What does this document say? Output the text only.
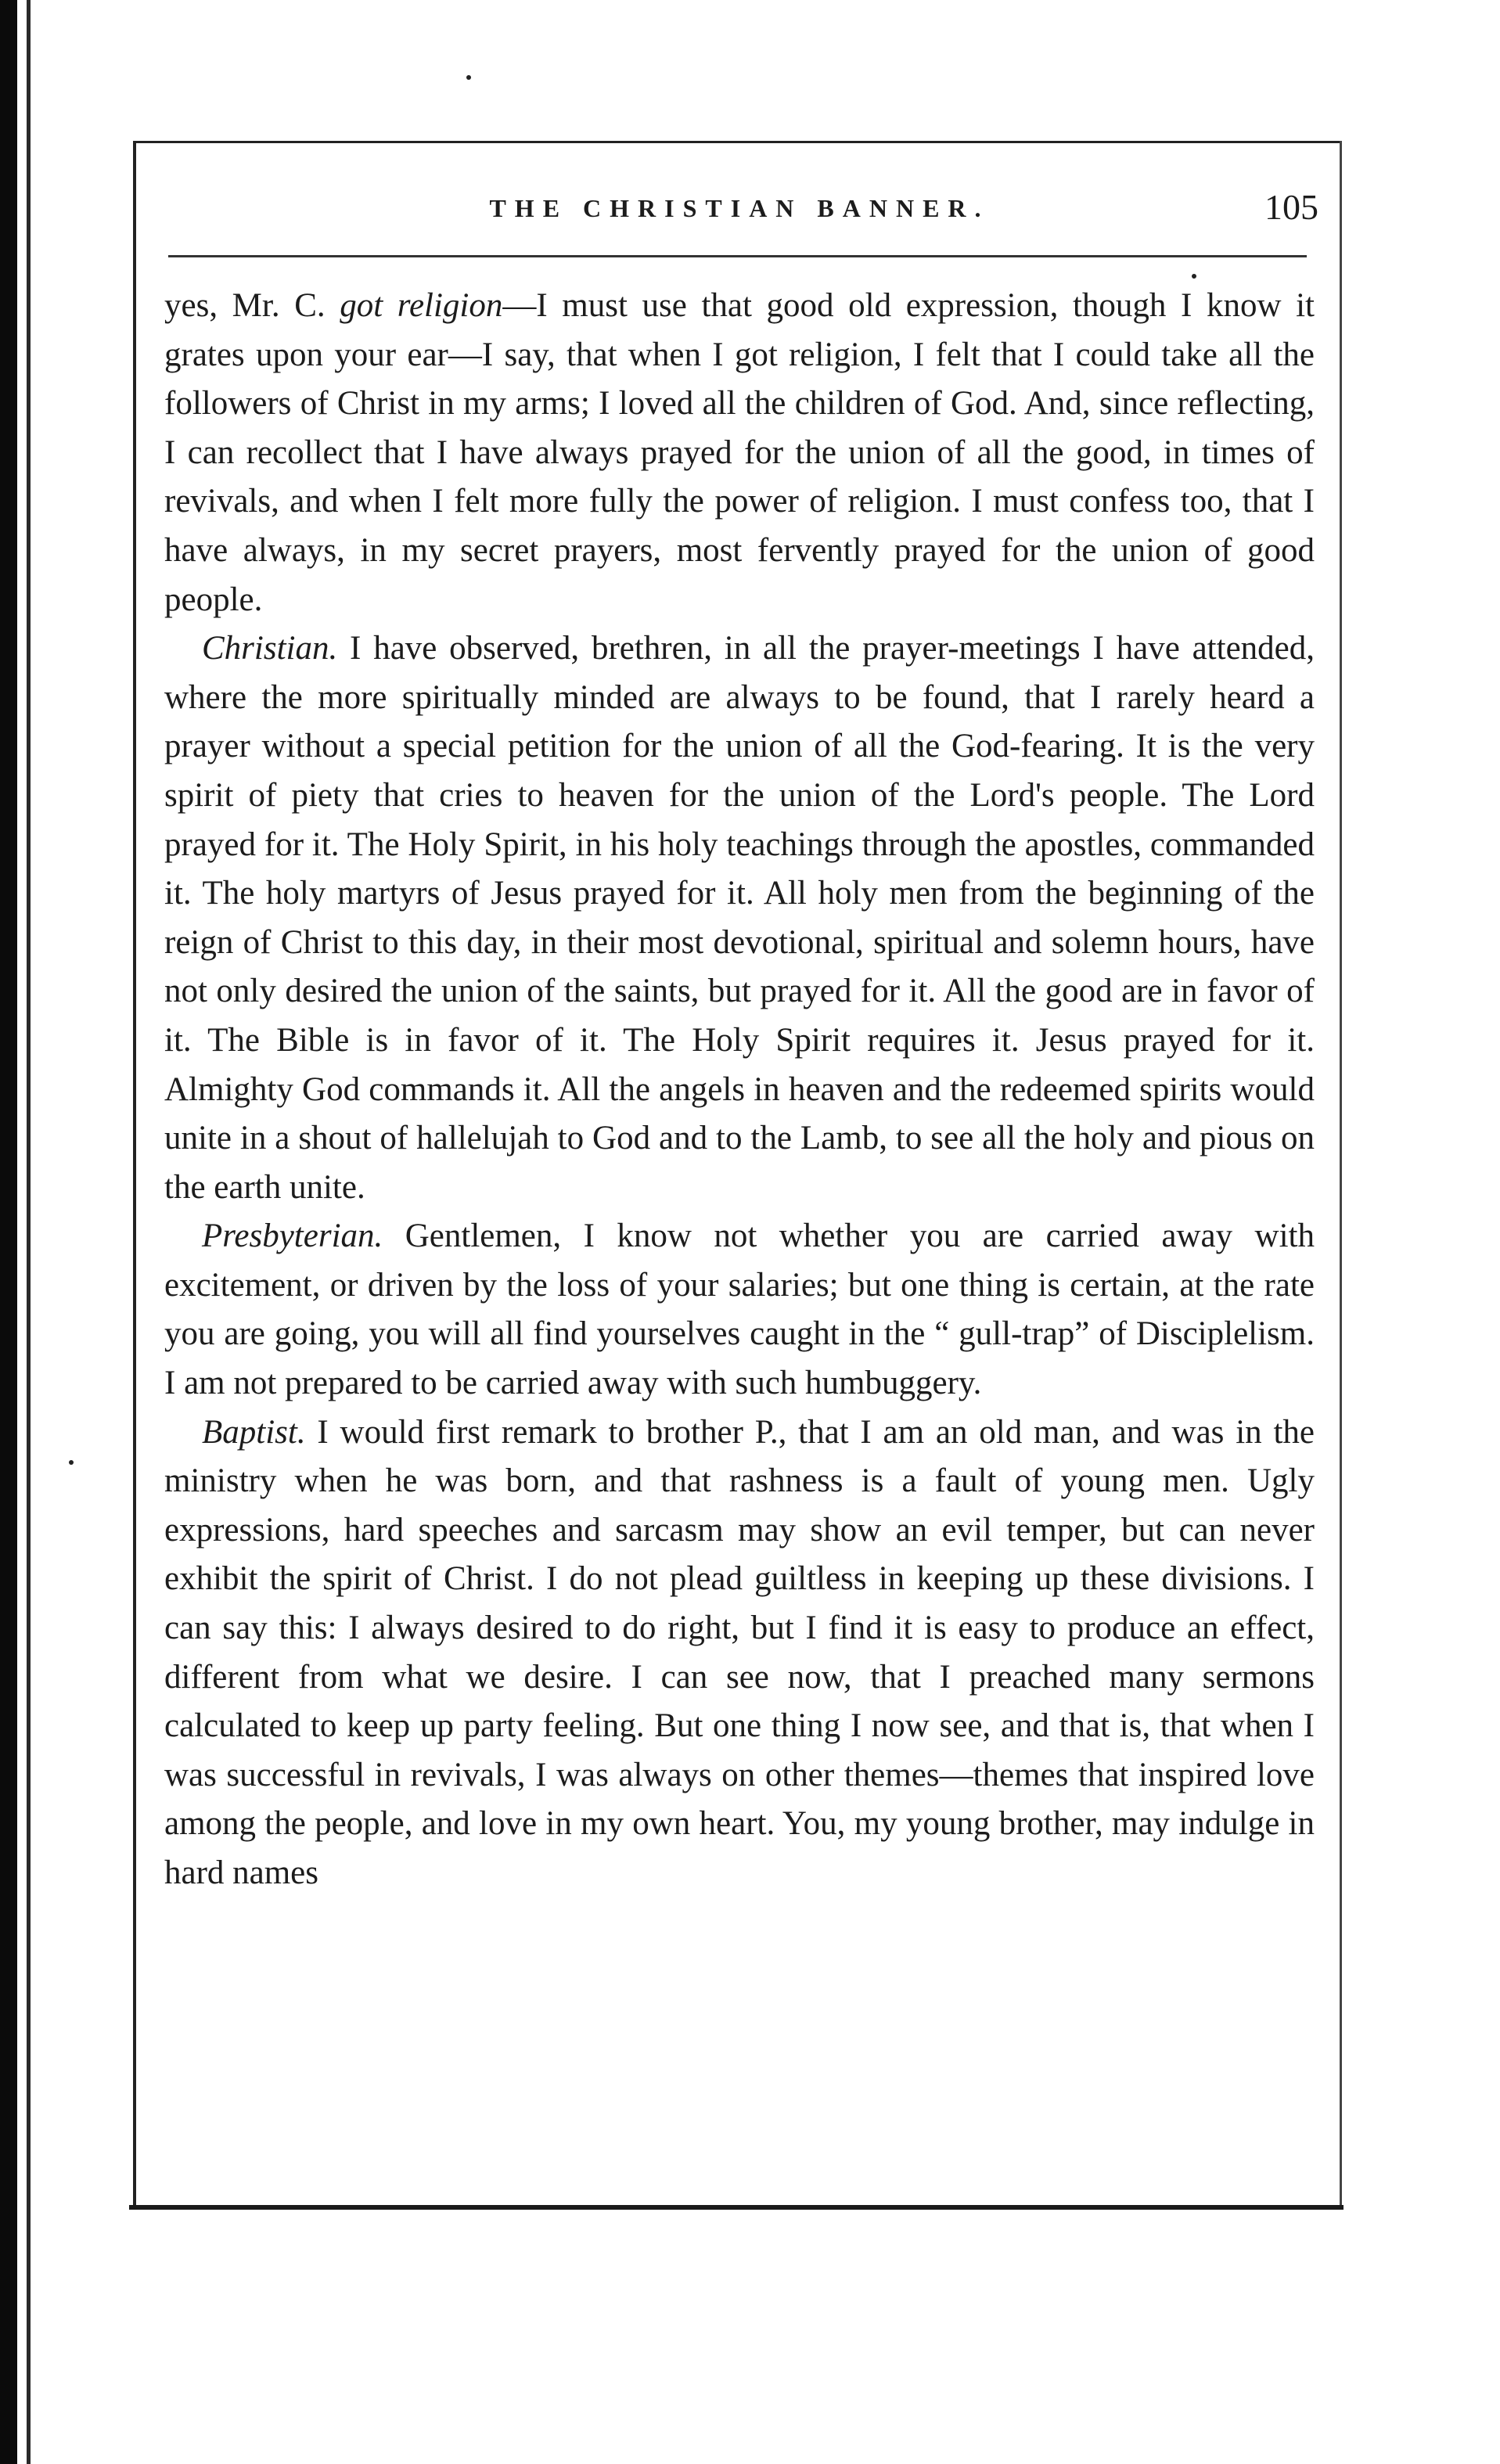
THE CHRISTIAN BANNER.	105

yes, Mr. C. got religion—I must use that good old expression, though I know it grates upon your ear—I say, that when I got religion, I felt that I could take all the followers of Christ in my arms; I loved all the children of God. And, since reflecting, I can recollect that I have always prayed for the union of all the good, in times of revivals, and when I felt more fully the power of religion. I must confess too, that I have always, in my secret prayers, most fervently prayed for the union of good people.

Christian. I have observed, brethren, in all the prayer-meetings I have attended, where the more spiritually minded are always to be found, that I rarely heard a prayer without a special petition for the union of all the God-fearing. It is the very spirit of piety that cries to heaven for the union of the Lord's people. The Lord prayed for it. The Holy Spirit, in his holy teachings through the apostles, commanded it. The holy martyrs of Jesus prayed for it. All holy men from the beginning of the reign of Christ to this day, in their most devotional, spiritual and solemn hours, have not only desired the union of the saints, but prayed for it. All the good are in favor of it. The Bible is in favor of it. The Holy Spirit requires it. Jesus prayed for it. Almighty God commands it. All the angels in heaven and the redeemed spirits would unite in a shout of hallelujah to God and to the Lamb, to see all the holy and pious on the earth unite.

Presbyterian. Gentlemen, I know not whether you are carried away with excitement, or driven by the loss of your salaries; but one thing is certain, at the rate you are going, you will all find yourselves caught in the “ gull-trap” of Disciplelism. I am not prepared to be carried away with such humbuggery.

Baptist. I would first remark to brother P., that I am an old man, and was in the ministry when he was born, and that rashness is a fault of young men. Ugly expressions, hard speeches and sarcasm may show an evil temper, but can never exhibit the spirit of Christ. I do not plead guiltless in keeping up these divisions. I can say this: I always desired to do right, but I find it is easy to produce an effect, different from what we desire. I can see now, that I preached many sermons calculated to keep up party feeling. But one thing I now see, and that is, that when I was successful in revivals, I was always on other themes—themes that inspired love among the people, and love in my own heart. You, my young brother, may indulge in hard names
